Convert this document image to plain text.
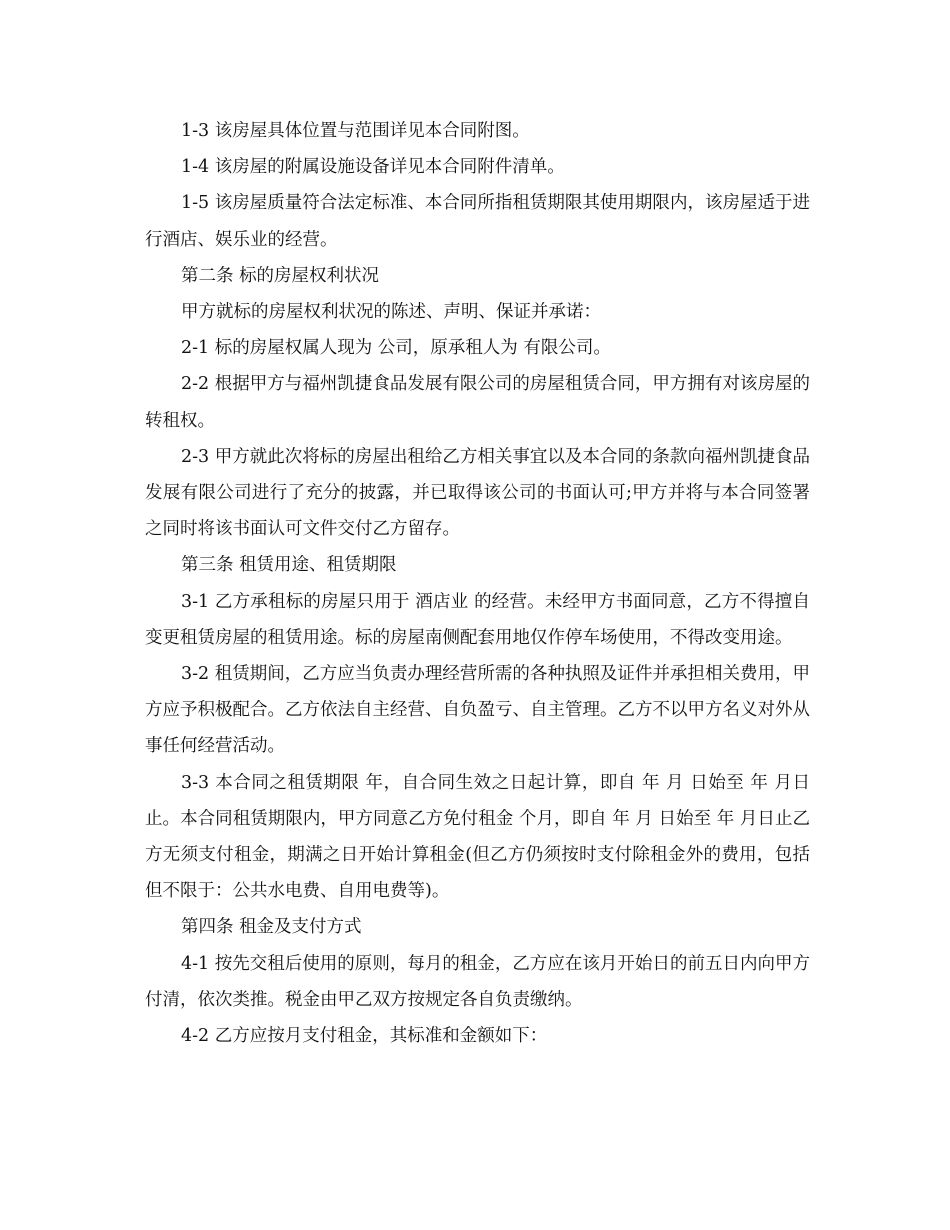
1-3 该房屋具体位置与范围详见本合同附图。

1-4 该房屋的附属设施设备详见本合同附件清单。

1-5 该房屋质量符合法定标准、本合同所指租赁期限其使用期限内，该房屋适于进行酒店、娱乐业的经营。

第二条 标的房屋权利状况

甲方就标的房屋权利状况的陈述、声明、保证并承诺：

2-1 标的房屋权属人现为 公司，原承租人为 有限公司。

2-2 根据甲方与福州凯捷食品发展有限公司的房屋租赁合同，甲方拥有对该房屋的转租权。

2-3 甲方就此次将标的房屋出租给乙方相关事宜以及本合同的条款向福州凯捷食品发展有限公司进行了充分的披露，并已取得该公司的书面认可;甲方并将与本合同签署之同时将该书面认可文件交付乙方留存。

第三条 租赁用途、租赁期限

3-1 乙方承租标的房屋只用于 酒店业 的经营。未经甲方书面同意，乙方不得擅自变更租赁房屋的租赁用途。标的房屋南侧配套用地仅作停车场使用，不得改变用途。

3-2 租赁期间，乙方应当负责办理经营所需的各种执照及证件并承担相关费用，甲方应予积极配合。乙方依法自主经营、自负盈亏、自主管理。乙方不以甲方名义对外从事任何经营活动。

3-3 本合同之租赁期限 年，自合同生效之日起计算，即自 年 月 日始至 年 月日止。本合同租赁期限内，甲方同意乙方免付租金 个月，即自 年 月 日始至 年 月日止乙方无须支付租金，期满之日开始计算租金(但乙方仍须按时支付除租金外的费用，包括但不限于：公共水电费、自用电费等)。

第四条 租金及支付方式

4-1 按先交租后使用的原则，每月的租金，乙方应在该月开始日的前五日内向甲方付清，依次类推。税金由甲乙双方按规定各自负责缴纳。

4-2 乙方应按月支付租金，其标准和金额如下：
